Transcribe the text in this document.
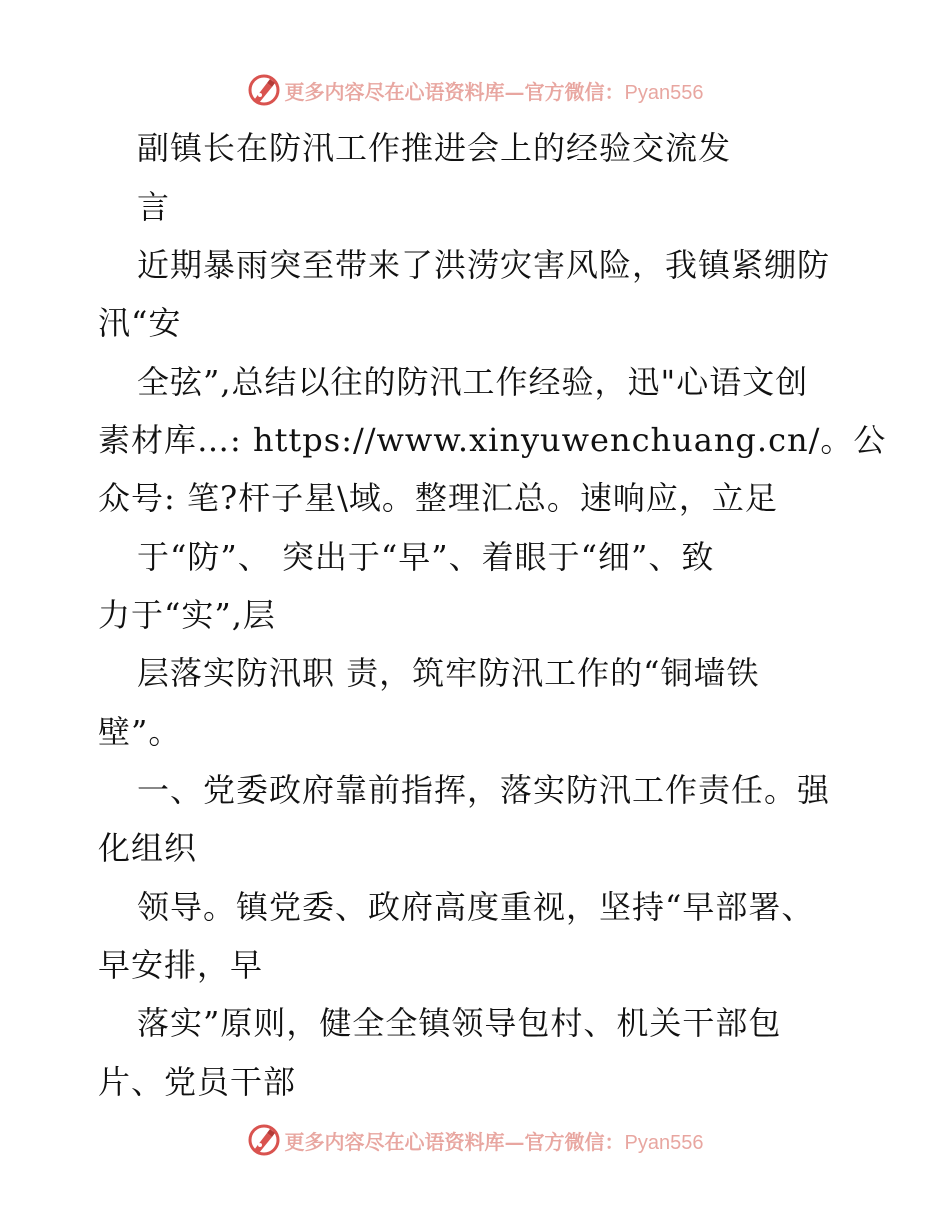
更多内容尽在心语资料库—官方微信：Pyan556
副镇长在防汛工作推进会上的经验交流发
言
近期暴雨突至带来了洪涝灾害风险，我镇紧绷防
汛“安
全弦”,总结以往的防汛工作经验，迅"心语文创
素材库…: https://www.xinyuwenchuang.cn/。公
众号: 笔?杆子星\域。整理汇总。速响应，立足
于“防”、 突出于“早”、着眼于“细”、致
力于“实”,层
层落实防汛职 责，筑牢防汛工作的“铜墙铁
壁”。
一、党委政府靠前指挥，落实防汛工作责任。强
化组织
领导。镇党委、政府高度重视，坚持“早部署、
早安排，早
落实”原则，健全全镇领导包村、机关干部包
片、党员干部
更多内容尽在心语资料库—官方微信：Pyan556
